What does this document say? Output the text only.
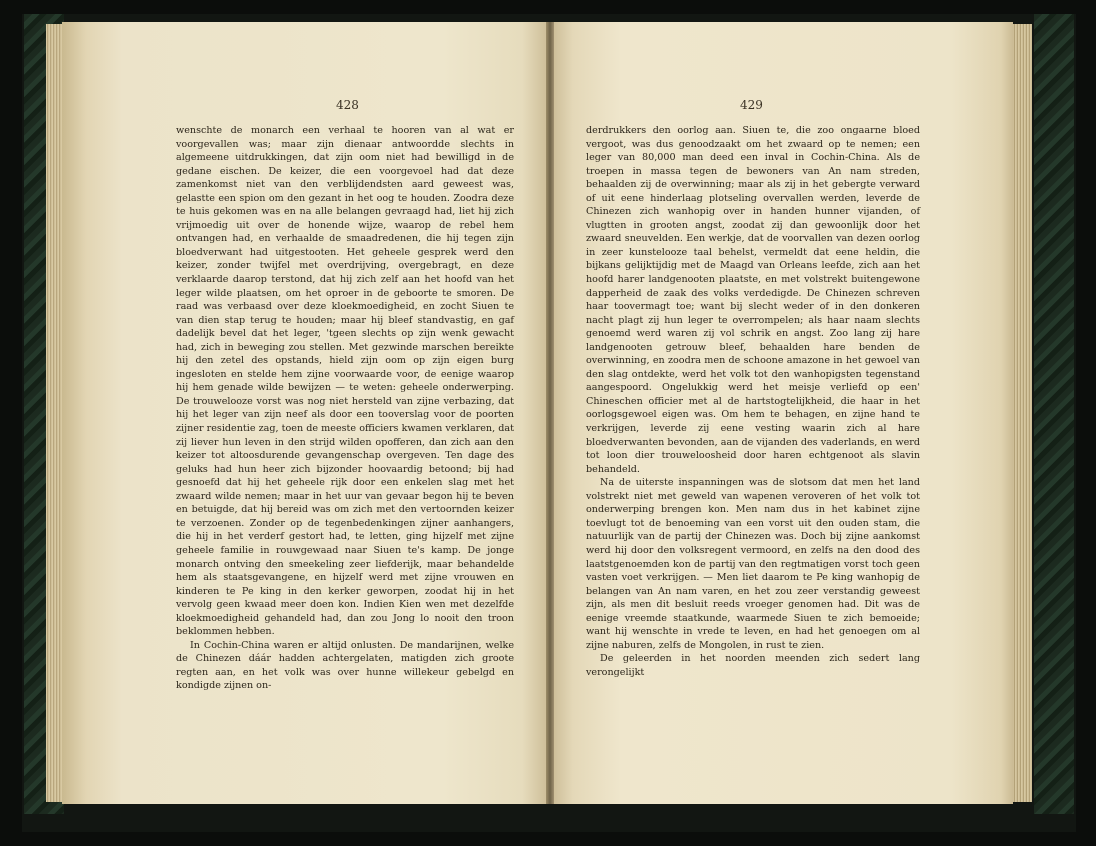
428	429

wenschte de monarch een verhaal te hooren van al wat er voorgevallen was; maar zijn dienaar antwoordde slechts in algemeene uitdrukkingen, dat zijn oom niet had bewilligd in de gedane eischen. De keizer, die een voorgevoel had dat deze zamenkomst niet van den verblijdendsten aard geweest was, gelastte een spion om den gezant in het oog te houden. Zoodra deze te huis gekomen was en na alle belangen gevraagd had, liet hij zich vrijmoedig uit over de honende wijze, waarop de rebel hem ontvangen had, en verhaalde de smaadredenen, die hij tegen zijn bloedverwant had uitgestooten. Het geheele gesprek werd den keizer, zonder twijfel met overdrijving, overgebragt, en deze verklaarde daarop terstond, dat hij zich zelf aan het hoofd van het leger wilde plaatsen, om het oproer in de geboorte te smoren. De raad was verbaasd over deze kloekmoedigheid, en zocht Siuen te van dien stap terug te houden; maar hij bleef standvastig, en gaf dadelijk bevel dat het leger, 'tgeen slechts op zijn wenk gewacht had, zich in beweging zou stellen. Met gezwinde marschen bereikte hij den zetel des opstands, hield zijn oom op zijn eigen burg ingesloten en stelde hem zijne voorwaarde voor, de eenige waarop hij hem genade wilde bewijzen — te weten: geheele onderwerping. De trouwelooze vorst was nog niet hersteld van zijne verbazing, dat hij het leger van zijn neef als door een tooverslag voor de poorten zijner residentie zag, toen de meeste officiers kwamen verklaren, dat zij liever hun leven in den strijd wilden opofferen, dan zich aan den keizer tot altoosdurende gevangenschap overgeven. Ten dage des geluks had hun heer zich bijzonder hoovaardig betoond; bij had gesnoefd dat hij het geheele rijk door een enkelen slag met het zwaard wilde nemen; maar in het uur van gevaar begon hij te beven en betuigde, dat hij bereid was om zich met den vertoornden keizer te verzoenen. Zonder op de tegenbedenkingen zijner aanhangers, die hij in het verderf gestort had, te letten, ging hijzelf met zijne geheele familie in rouwgewaad naar Siuen te's kamp. De jonge monarch ontving den smeekeling zeer liefderijk, maar behandelde hem als staatsgevangene, en hijzelf werd met zijne vrouwen en kinderen te Pe king in den kerker geworpen, zoodat hij in het vervolg geen kwaad meer doen kon. Indien Kien wen met dezelfde kloekmoedigheid gehandeld had, dan zou Jong lo nooit den troon beklommen hebben.

In Cochin-China waren er altijd onlusten. De mandarijnen, welke de Chinezen dáár hadden achtergelaten, matigden zich groote regten aan, en het volk was over hunne willekeur gebelgd en kondigde zijnen on-

derdrukkers den oorlog aan. Siuen te, die zoo ongaarne bloed vergoot, was dus genoodzaakt om het zwaard op te nemen; een leger van 80,000 man deed een inval in Cochin-China. Als de troepen in massa tegen de bewoners van An nam streden, behaalden zij de overwinning; maar als zij in het gebergte verward of uit eene hinderlaag plotseling overvallen werden, leverde de Chinezen zich wanhopig over in handen hunner vijanden, of vlugtten in grooten angst, zoodat zij dan gewoonlijk door het zwaard sneuvelden. Een werkje, dat de voorvallen van dezen oorlog in zeer kunstelooze taal behelst, vermeldt dat eene heldin, die bijkans gelijktijdig met de Maagd van Orleans leefde, zich aan het hoofd harer landgenooten plaatste, en met volstrekt buitengewone dapperheid de zaak des volks verdedigde. De Chinezen schreven haar toovermagt toe; want bij slecht weder of in den donkeren nacht plagt zij hun leger te overrompelen; als haar naam slechts genoemd werd waren zij vol schrik en angst. Zoo lang zij hare landgenooten getrouw bleef, behaalden hare benden de overwinning, en zoodra men de schoone amazone in het gewoel van den slag ontdekte, werd het volk tot den wanhopigsten tegenstand aangespoord. Ongelukkig werd het meisje verliefd op een' Chineschen officier met al de hartstogtelijkheid, die haar in het oorlogsgewoel eigen was. Om hem te behagen, en zijne hand te verkrijgen, leverde zij eene vesting waarin zich al hare bloedverwanten bevonden, aan de vijanden des vaderlands, en werd tot loon dier trouweloosheid door haren echtgenoot als slavin behandeld.

Na de uiterste inspanningen was de slotsom dat men het land volstrekt niet met geweld van wapenen veroveren of het volk tot onderwerping brengen kon. Men nam dus in het kabinet zijne toevlugt tot de benoeming van een vorst uit den ouden stam, die natuurlijk van de partij der Chinezen was. Doch bij zijne aankomst werd hij door den volksregent vermoord, en zelfs na den dood des laatstgenoemden kon de partij van den regtmatigen vorst toch geen vasten voet verkrijgen. — Men liet daarom te Pe king wanhopig de belangen van An nam varen, en het zou zeer verstandig geweest zijn, als men dit besluit reeds vroeger genomen had. Dit was de eenige vreemde staatkunde, waarmede Siuen te zich bemoeide; want hij wenschte in vrede te leven, en had het genoegen om al zijne naburen, zelfs de Mongolen, in rust te zien.

De geleerden in het noorden meenden zich sedert lang verongelijkt
